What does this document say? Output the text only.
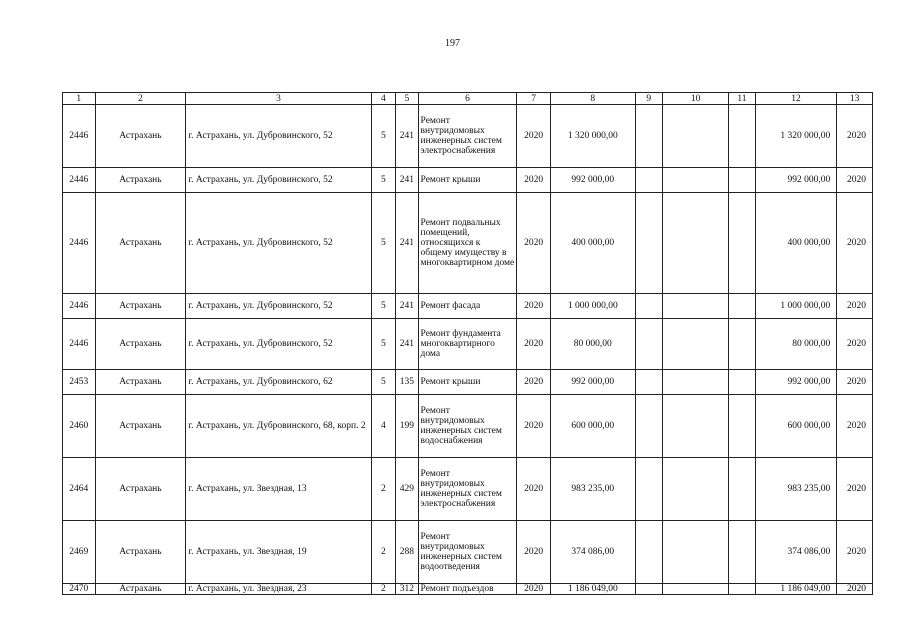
197
1	2	3	4	5	6	7	8	9	10	11	12	13
2446	Астрахань	г. Астрахань, ул. Дубровинского, 52	5	241	Ремонт внутридомовых инженерных систем электроснабжения	2020	1 320 000,00				1 320 000,00	2020
2446	Астрахань	г. Астрахань, ул. Дубровинского, 52	5	241	Ремонт крыши	2020	992 000,00				992 000,00	2020
2446	Астрахань	г. Астрахань, ул. Дубровинского, 52	5	241	Ремонт подвальных помещений, относящихся к общему имуществу в многоквартирном доме	2020	400 000,00				400 000,00	2020
2446	Астрахань	г. Астрахань, ул. Дубровинского, 52	5	241	Ремонт фасада	2020	1 000 000,00				1 000 000,00	2020
2446	Астрахань	г. Астрахань, ул. Дубровинского, 52	5	241	Ремонт фундамента многоквартирного дома	2020	80 000,00				80 000,00	2020
2453	Астрахань	г. Астрахань, ул. Дубровинского, 62	5	135	Ремонт крыши	2020	992 000,00				992 000,00	2020
2460	Астрахань	г. Астрахань, ул. Дубровинского, 68, корп. 2	4	199	Ремонт внутридомовых инженерных систем водоснабжения	2020	600 000,00				600 000,00	2020
2464	Астрахань	г. Астрахань, ул. Звездная, 13	2	429	Ремонт внутридомовых инженерных систем электроснабжения	2020	983 235,00				983 235,00	2020
2469	Астрахань	г. Астрахань, ул. Звездная, 19	2	288	Ремонт внутридомовых инженерных систем водоотведения	2020	374 086,00				374 086,00	2020
2470	Астрахань	г. Астрахань, ул. Звездная, 23	2	312	Ремонт подъездов	2020	1 186 049,00				1 186 049,00	2020
